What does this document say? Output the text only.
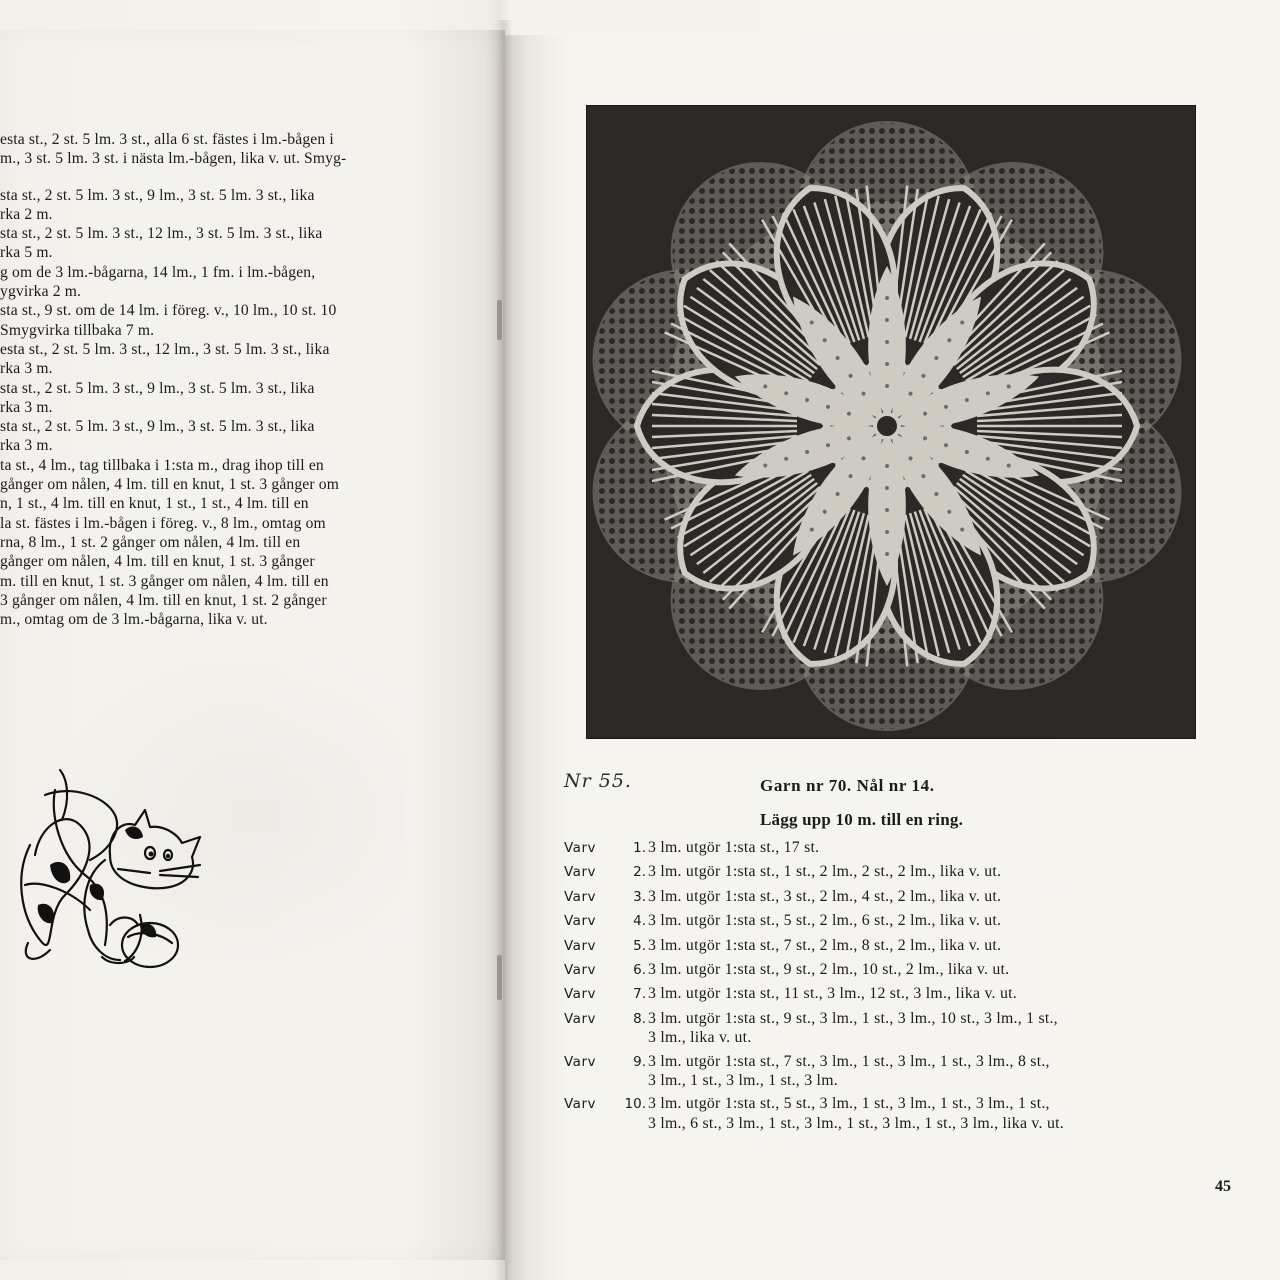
esta st., 2 st. 5 lm. 3 st., alla 6 st. fästes i lm.-bågen i
m., 3 st. 5 lm. 3 st. i nästa lm.-bågen, lika v. ut. Smyg-
sta st., 2 st. 5 lm. 3 st., 9 lm., 3 st. 5 lm. 3 st., lika
rka 2 m.
sta st., 2 st. 5 lm. 3 st., 12 lm., 3 st. 5 lm. 3 st., lika
rka 5 m.
g om de 3 lm.-bågarna, 14 lm., 1 fm. i lm.-bågen,
ygvirka 2 m.
sta st., 9 st. om de 14 lm. i föreg. v., 10 lm., 10 st. 10
Smygvirka tillbaka 7 m.
esta st., 2 st. 5 lm. 3 st., 12 lm., 3 st. 5 lm. 3 st., lika
rka 3 m.
sta st., 2 st. 5 lm. 3 st., 9 lm., 3 st. 5 lm. 3 st., lika
rka 3 m.
sta st., 2 st. 5 lm. 3 st., 9 lm., 3 st. 5 lm. 3 st., lika
rka 3 m.
ta st., 4 lm., tag tillbaka i 1:sta m., drag ihop till en
gånger om nålen, 4 lm. till en knut, 1 st. 3 gånger om
n, 1 st., 4 lm. till en knut, 1 st., 1 st., 4 lm. till en
la st. fästes i lm.-bågen i föreg. v., 8 lm., omtag om
rna, 8 lm., 1 st. 2 gånger om nålen, 4 lm. till en
gånger om nålen, 4 lm. till en knut, 1 st. 3 gånger
m. till en knut, 1 st. 3 gånger om nålen, 4 lm. till en
3 gånger om nålen, 4 lm. till en knut, 1 st. 2 gånger
m., omtag om de 3 lm.-bågarna, lika v. ut.
Nr 55.	Garn nr 70. Nål nr 14.
Lägg upp 10 m. till en ring.
Varv	1. 3 lm. utgör 1:sta st., 17 st.
Varv	2. 3 lm. utgör 1:sta st., 1 st., 2 lm., 2 st., 2 lm., lika v. ut.
Varv	3. 3 lm. utgör 1:sta st., 3 st., 2 lm., 4 st., 2 lm., lika v. ut.
Varv	4. 3 lm. utgör 1:sta st., 5 st., 2 lm., 6 st., 2 lm., lika v. ut.
Varv	5. 3 lm. utgör 1:sta st., 7 st., 2 lm., 8 st., 2 lm., lika v. ut.
Varv	6. 3 lm. utgör 1:sta st., 9 st., 2 lm., 10 st., 2 lm., lika v. ut.
Varv	7. 3 lm. utgör 1:sta st., 11 st., 3 lm., 12 st., 3 lm., lika v. ut.
Varv	8. 3 lm. utgör 1:sta st., 9 st., 3 lm., 1 st., 3 lm., 10 st., 3 lm., 1 st.,
3 lm., lika v. ut.
Varv	9. 3 lm. utgör 1:sta st., 7 st., 3 lm., 1 st., 3 lm., 1 st., 3 lm., 8 st.,
3 lm., 1 st., 3 lm., 1 st., 3 lm.
Varv	10. 3 lm. utgör 1:sta st., 5 st., 3 lm., 1 st., 3 lm., 1 st., 3 lm., 1 st.,
3 lm., 6 st., 3 lm., 1 st., 3 lm., 1 st., 3 lm., 1 st., 3 lm., lika v. ut.
45
